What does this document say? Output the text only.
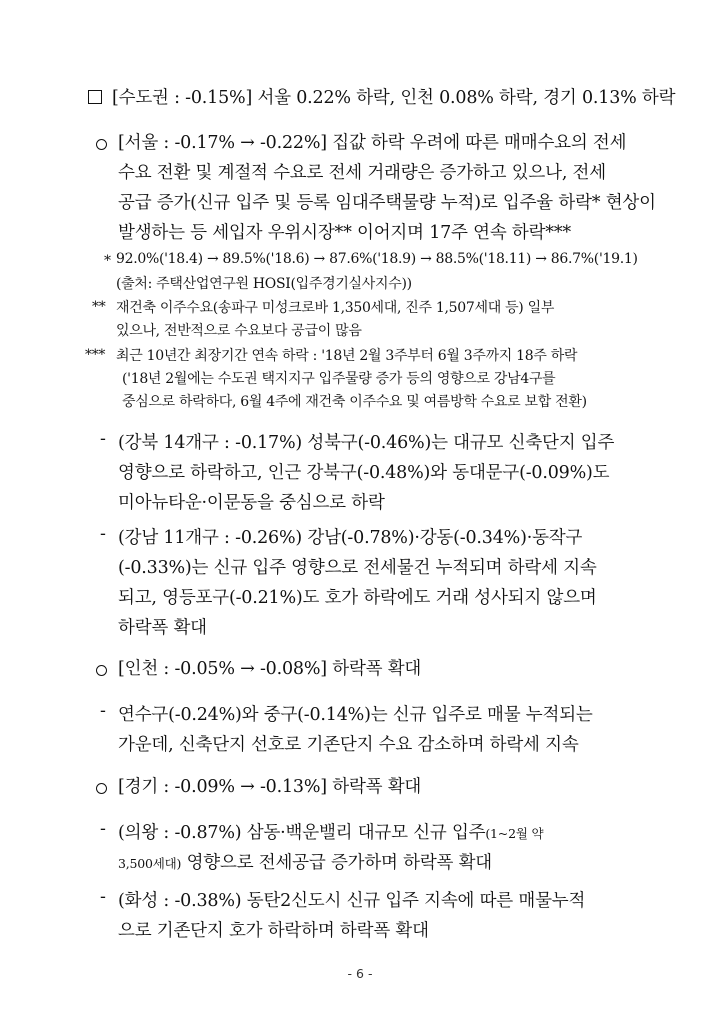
[수도권 : -0.15%] 서울 0.22% 하락, 인천 0.08% 하락, 경기 0.13% 하락
[서울 : -0.17% → -0.22%] 집값 하락 우려에 따른 매매수요의 전세
수요 전환 및 계절적 수요로 전세 거래량은 증가하고 있으나, 전세
공급 증가(신규 입주 및 등록 임대주택물량 누적)로 입주율 하락* 현상이
발생하는 등 세입자 우위시장** 이어지며 17주 연속 하락***
* 92.0%('18.4) → 89.5%('18.6) → 87.6%('18.9) → 88.5%('18.11) → 86.7%('19.1)
(출처: 주택산업연구원 HOSI(입주경기실사지수))
** 재건축 이주수요(송파구 미성크로바 1,350세대, 진주 1,507세대 등) 일부
있으나, 전반적으로 수요보다 공급이 많음
*** 최근 10년간 최장기간 연속 하락 : '18년 2월 3주부터 6월 3주까지 18주 하락
('18년 2월에는 수도권 택지지구 입주물량 증가 등의 영향으로 강남4구를
중심으로 하락하다, 6월 4주에 재건축 이주수요 및 여름방학 수요로 보합 전환)
- (강북 14개구 : -0.17%) 성북구(-0.46%)는 대규모 신축단지 입주
영향으로 하락하고, 인근 강북구(-0.48%)와 동대문구(-0.09%)도
미아뉴타운·이문동을 중심으로 하락
- (강남 11개구 : -0.26%) 강남(-0.78%)·강동(-0.34%)·동작구
(-0.33%)는 신규 입주 영향으로 전세물건 누적되며 하락세 지속
되고, 영등포구(-0.21%)도 호가 하락에도 거래 성사되지 않으며
하락폭 확대
[인천 : -0.05% → -0.08%] 하락폭 확대
- 연수구(-0.24%)와 중구(-0.14%)는 신규 입주로 매물 누적되는
가운데, 신축단지 선호로 기존단지 수요 감소하며 하락세 지속
[경기 : -0.09% → -0.13%] 하락폭 확대
- (의왕 : -0.87%) 삼동·백운밸리 대규모 신규 입주(1~2월 약
3,500세대) 영향으로 전세공급 증가하며 하락폭 확대
- (화성 : -0.38%) 동탄2신도시 신규 입주 지속에 따른 매물누적
으로 기존단지 호가 하락하며 하락폭 확대
- 6 -
